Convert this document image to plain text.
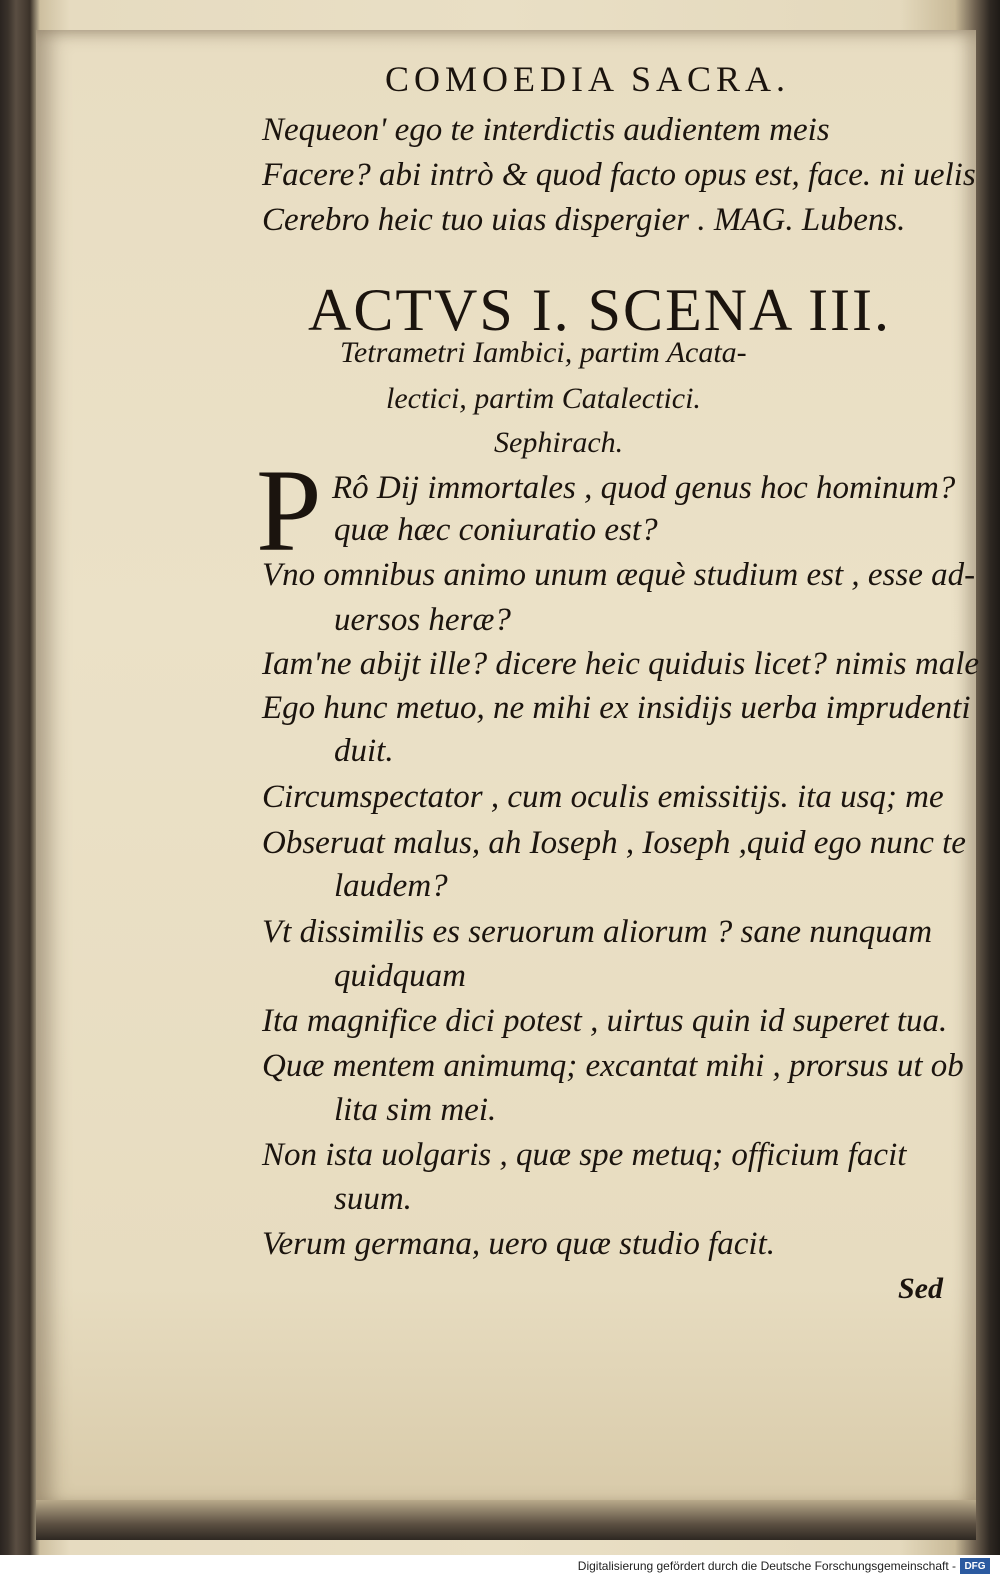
COMOEDIA SACRA.
Nequeon' ego te interdictis audientem meis
Facere? abi intrò & quod facto opus est, face. ni uelis
Cerebro heic tuo uias dispergier . MAG. Lubens.
ACTVS I. SCENA III.
Tetrametri Iambici, partim Acata-
lectici, partim Catalectici.
Sephirach.
P Rô Dij immortales , quod genus hoc hominum?
quæ hæc coniuratio est?
Vno omnibus animo unum æquè studium est , esse ad-
uersos heræ?
Iam'ne abijt ille? dicere heic quiduis licet? nimis male
Ego hunc metuo, ne mihi ex insidijs uerba imprudenti
duit.
Circumspectator , cum oculis emissitijs. ita usq; me
Obseruat malus, ah Ioseph , Ioseph ,quid ego nunc te
laudem?
Vt dissimilis es seruorum aliorum ? sane nunquam
quidquam
Ita magnifice dici potest , uirtus quin id superet tua.
Quæ mentem animumq; excantat mihi , prorsus ut ob
lita sim mei.
Non ista uolgaris , quæ spe metuq; officium facit
suum.
Verum germana, uero quæ studio facit.
Sed
Digitalisierung gefördert durch die Deutsche Forschungsgemeinschaft - DFG
